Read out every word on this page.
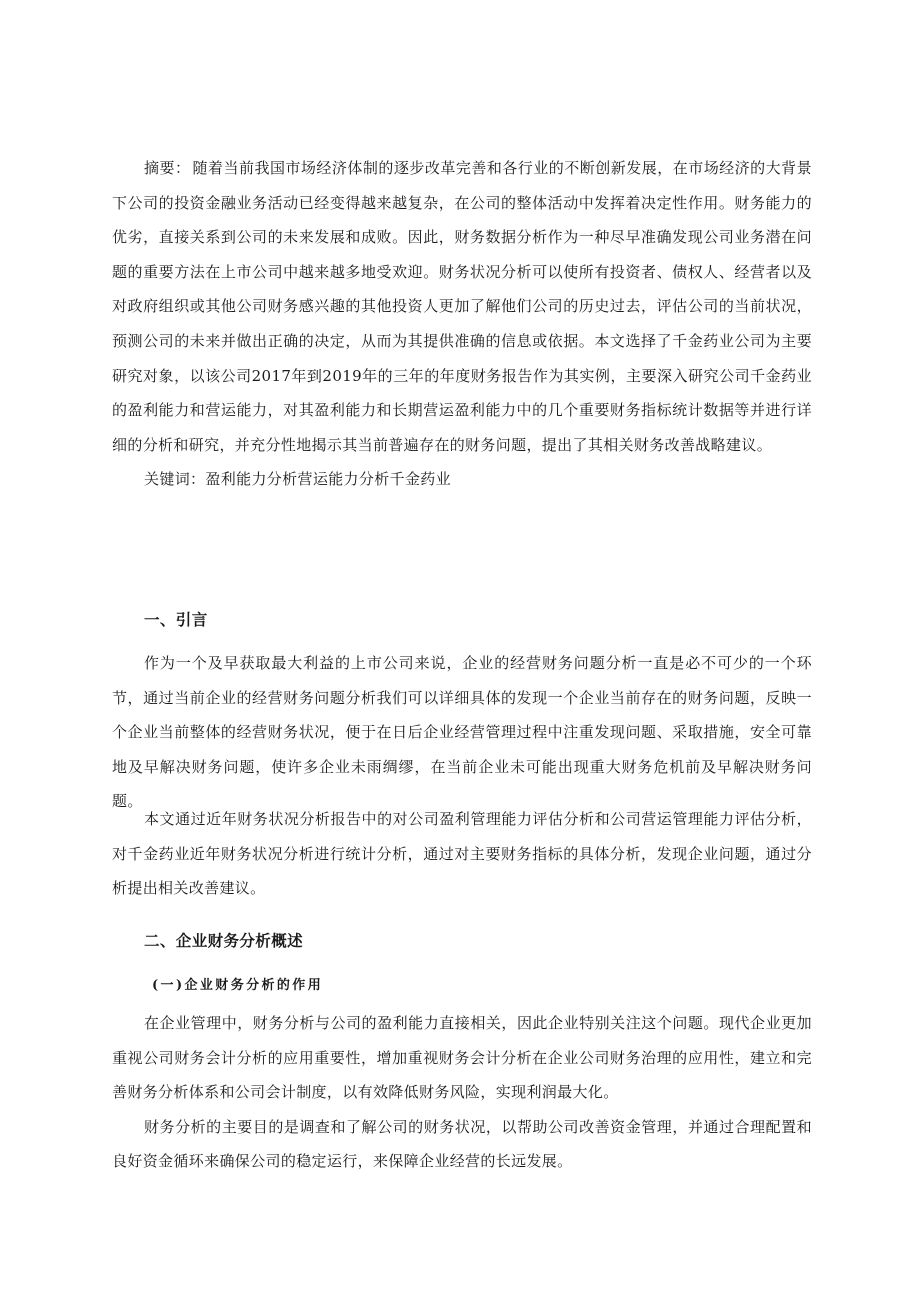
摘要： 随着当前我国市场经济体制的逐步改革完善和各行业的不断创新发展，在市场经济的大背景下公司的投资金融业务活动已经变得越来越复杂，在公司的整体活动中发挥着决定性作用。财务能力的优劣，直接关系到公司的未来发展和成败。因此，财务数据分析作为一种尽早准确发现公司业务潜在问题的重要方法在上市公司中越来越多地受欢迎。财务状况分析可以使所有投资者、债权人、经营者以及对政府组织或其他公司财务感兴趣的其他投资人更加了解他们公司的历史过去，评估公司的当前状况，预测公司的未来并做出正确的决定，从而为其提供准确的信息或依据。本文选择了千金药业公司为主要研究对象，以该公司2017年到2019年的三年的年度财务报告作为其实例，主要深入研究公司千金药业的盈利能力和营运能力，对其盈利能力和长期营运盈利能力中的几个重要财务指标统计数据等并进行详细的分析和研究，并充分性地揭示其当前普遍存在的财务问题，提出了其相关财务改善战略建议。

关键词：盈利能力分析营运能力分析千金药业

一、引言

作为一个及早获取最大利益的上市公司来说，企业的经营财务问题分析一直是必不可少的一个环节，通过当前企业的经营财务问题分析我们可以详细具体的发现一个企业当前存在的财务问题，反映一个企业当前整体的经营财务状况，便于在日后企业经营管理过程中注重发现问题、采取措施，安全可靠地及早解决财务问题，使许多企业未雨绸缪，在当前企业未可能出现重大财务危机前及早解决财务问题。

本文通过近年财务状况分析报告中的对公司盈利管理能力评估分析和公司营运管理能力评估分析，对千金药业近年财务状况分析进行统计分析，通过对主要财务指标的具体分析，发现企业问题，通过分析提出相关改善建议。

二、企业财务分析概述
(一)企业财务分析的作用

在企业管理中，财务分析与公司的盈利能力直接相关，因此企业特别关注这个问题。现代企业更加重视公司财务会计分析的应用重要性，增加重视财务会计分析在企业公司财务治理的应用性，建立和完善财务分析体系和公司会计制度，以有效降低财务风险，实现利润最大化。

财务分析的主要目的是调查和了解公司的财务状况，以帮助公司改善资金管理，并通过合理配置和良好资金循环来确保公司的稳定运行，来保障企业经营的长远发展。
